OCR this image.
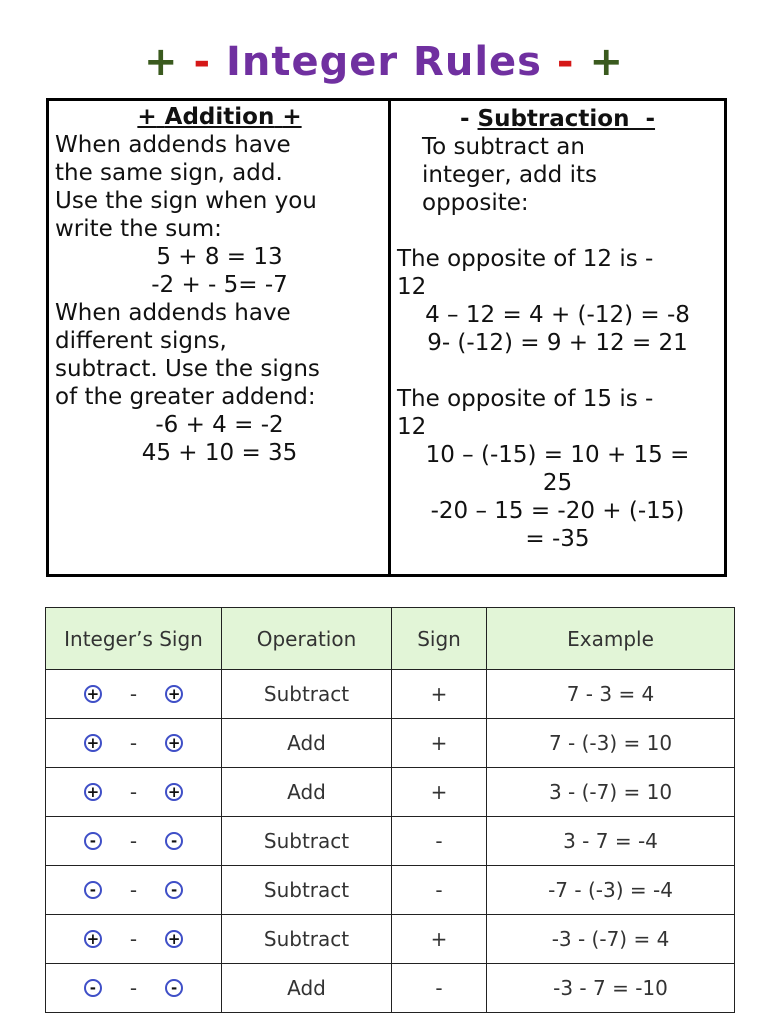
+ - Integer Rules - +
+ Addition +
When addends have
the same sign, add.
Use the sign when you
write the sum:
5 + 8 = 13
-2 + - 5= -7
When addends have
different signs,
subtract. Use the signs
of the greater addend:
-6 + 4 = -2
45 + 10 = 35
- Subtraction -
To subtract an
integer, add its
opposite:
The opposite of 12 is -
12
4 – 12 = 4 + (-12) = -8
9- (-12) = 9 + 12 = 21
The opposite of 15 is -
12
10 – (-15) = 10 + 15 =
25
-20 – 15 = -20 + (-15)
= -35
Integer’s Sign	Operation	Sign	Example

+ - +	Subtract	+	7 - 3 = 4

+ - +	Add	+	7 - (-3) = 10

+ - +	Add	+	3 - (-7) = 10

- - -	Subtract	-	3 - 7 = -4

- - -	Subtract	-	-7 - (-3) = -4

+ - +	Subtract	+	-3 - (-7) = 4

- - -	Add	-	-3 - 7 = -10
